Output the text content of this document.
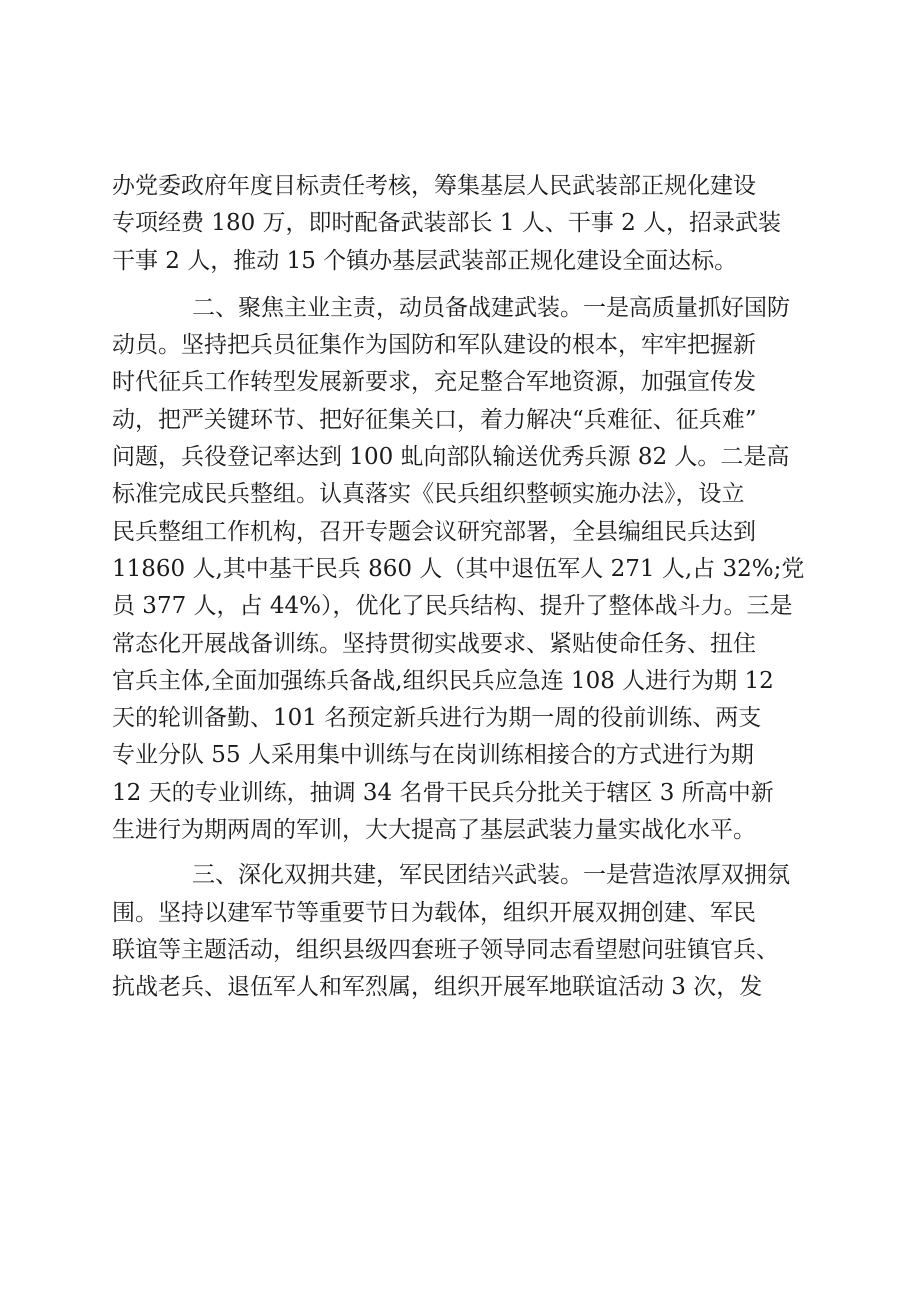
办党委政府年度目标责任考核，筹集基层人民武装部正规化建设
专项经费 180 万，即时配备武装部长 1 人、干事 2 人，招录武装
干事 2 人，推动 15 个镇办基层武装部正规化建设全面达标。

二、聚焦主业主责，动员备战建武装。一是高质量抓好国防
动员。坚持把兵员征集作为国防和军队建设的根本，牢牢把握新
时代征兵工作转型发展新要求，充足整合军地资源，加强宣传发
动，把严关键环节、把好征集关口，着力解决“兵难征、征兵难”
问题，兵役登记率达到 100 虬向部队输送优秀兵源 82 人。二是高
标准完成民兵整组。认真落实《民兵组织整顿实施办法》，设立
民兵整组工作机构，召开专题会议研究部署，全县编组民兵达到
11860 人,其中基干民兵 860 人（其中退伍军人 271 人,占 32%;党
员 377 人，占 44%），优化了民兵结构、提升了整体战斗力。三是
常态化开展战备训练。坚持贯彻实战要求、紧贴使命任务、扭住
官兵主体,全面加强练兵备战,组织民兵应急连 108 人进行为期 12
天的轮训备勤、101 名预定新兵进行为期一周的役前训练、两支
专业分队 55 人采用集中训练与在岗训练相接合的方式进行为期
12 天的专业训练，抽调 34 名骨干民兵分批关于辖区 3 所高中新
生进行为期两周的军训，大大提高了基层武装力量实战化水平。

三、深化双拥共建，军民团结兴武装。一是营造浓厚双拥氛
围。坚持以建军节等重要节日为载体，组织开展双拥创建、军民
联谊等主题活动，组织县级四套班子领导同志看望慰问驻镇官兵、
抗战老兵、退伍军人和军烈属，组织开展军地联谊活动 3 次，发
